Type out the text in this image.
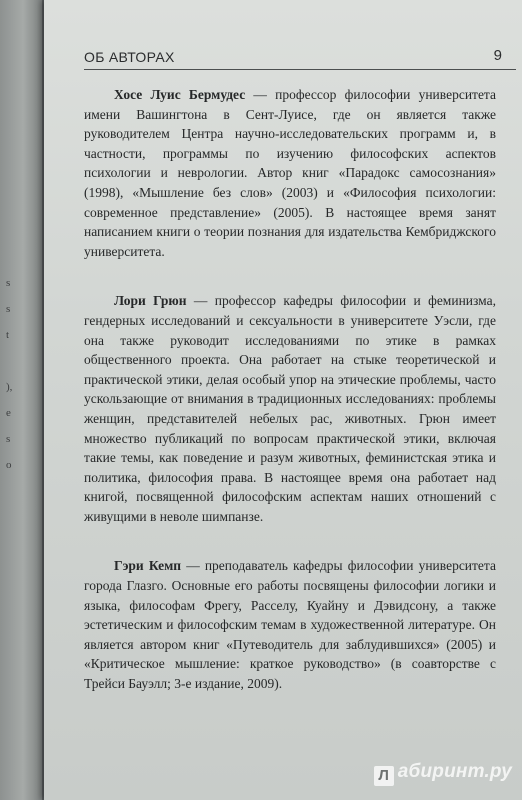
s
s
t

),
e
s
o
ОБ АВТОРАХ	9

Хосе Луис Бермудес — профессор философии университета имени Вашингтона в Сент-Луисе, где он является также руководителем Центра научно-исследовательских программ и, в частности, программы по изучению философских аспектов психологии и неврологии. Автор книг «Парадокс самосознания» (1998), «Мышление без слов» (2003) и «Философия психологии: современное представление» (2005). В настоящее время занят написанием книги о теории познания для издательства Кембриджского университета.

Лори Грюн — профессор кафедры философии и феминизма, гендерных исследований и сексуальности в университете Уэсли, где она также руководит исследованиями по этике в рамках общественного проекта. Она работает на стыке теоретической и практической этики, делая особый упор на этические проблемы, часто ускользающие от внимания в традиционных исследованиях: проблемы женщин, представителей небелых рас, животных. Грюн имеет множество публикаций по вопросам практической этики, включая такие темы, как поведение и разум животных, феминистская этика и политика, философия права. В настоящее время она работает над книгой, посвященной философским аспектам наших отношений с живущими в неволе шимпанзе.

Гэри Кемп — преподаватель кафедры философии университета города Глазго. Основные его работы посвящены философии логики и языка, философам Фрегу, Расселу, Куайну и Дэвидсону, а также эстетическим и философским темам в художественной литературе. Он является автором книг «Путеводитель для заблудившихся» (2005) и «Критическое мышление: краткое руководство» (в соавторстве с Трейси Бауэлл; 3-е издание, 2009).

Л абиринт.ру
